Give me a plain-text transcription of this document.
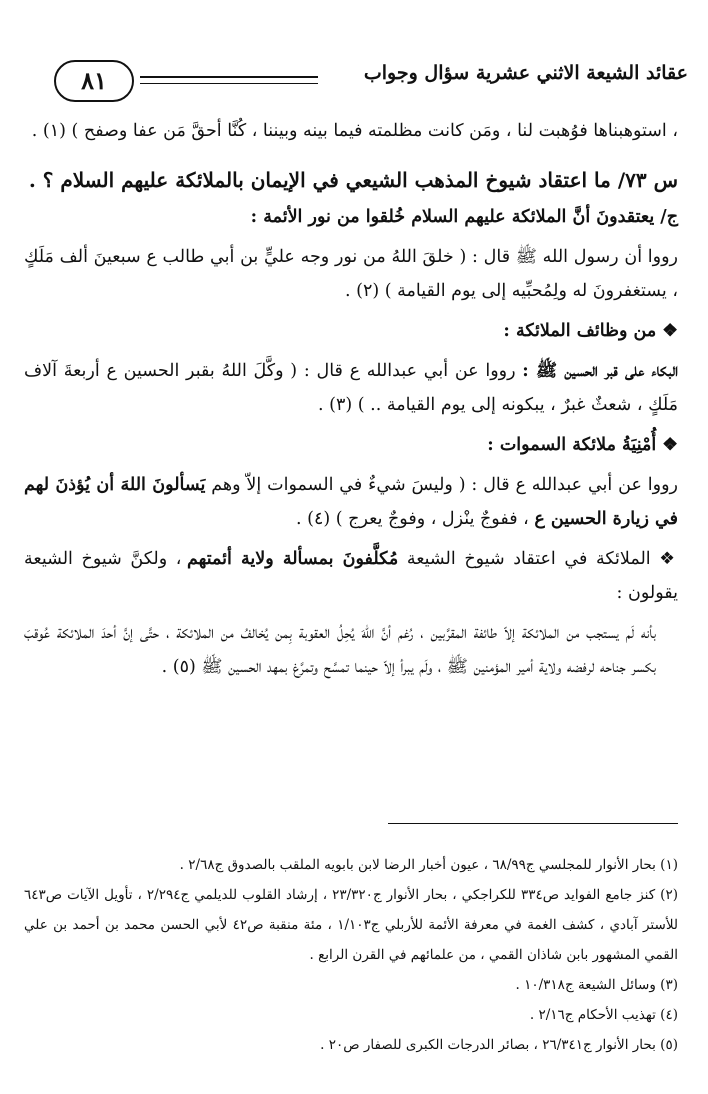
٨١	عقائد الشيعة الاثني عشرية سؤال وجواب

، استوهبناها فوُهبت لنا ، ومَن كانت مظلمته فيما بينه وبيننا ، كُنَّا أحقَّ مَن عفا وصفح ) (١) .

س ٧٣/ ما اعتقاد شيوخ المذهب الشيعي في الإيمان بالملائكة عليهم السلام ؟ .

ج/ يعتقدونَ أنَّ الملائكة عليهم السلام خُلقوا من نور الأئمة :

رووا أن رسول الله ﷺ قال : ( خلقَ اللهُ من نور وجه عليٍّ بن أبي طالب ع سبعينَ ألف مَلَكٍ ، يستغفرونَ له ولِمُحبِّيه إلى يوم القيامة ) (٢) .

❖ من وظائف الملائكة :

البكاء على قبر الحسين ﷺ : رووا عن أبي عبدالله ع قال : ( وكَّلَ اللهُ بقبر الحسين ع أربعةَ آلاف مَلَكٍ ، شعثٌ غبرٌ ، يبكونه إلى يوم القيامة .. ) (٣) .

❖ أُمْنِيَةُ ملائكة السموات :

رووا عن أبي عبدالله ع قال : ( وليسَ شيءٌ في السموات إلاّ وهم يَسألونَ اللهَ أن يُؤذنَ لهم في زيارة الحسين ع ، ففوجٌ ينْزل ، وفوجٌ يعرج ) (٤) .

❖ الملائكة في اعتقاد شيوخ الشيعة مُكلَّفونَ بمسألة ولاية أئمتهم ، ولكنَّ شيوخ الشيعة يقولون :

بأنه لَم يستجب من الملائكة إلاّ طائفة المقرَّبين ، رُغم أنَّ اللهَ يُحِلُ العقوبة بِمن يُخالفُ من الملائكة ، حتَّى إنَّ أحدَ الملائكة عُوقبَ بكسر جناحه لرفضه ولاية أمير المؤمنين ﷺ ، ولَم يبرأ إلاّ حينما تمسَّح وتمرَّغ بمهد الحسين ﷺ (٥) .

(١) بحار الأنوار للمجلسي ج٦٨/٩٩ ، عيون أخبار الرضا لابن بابويه الملقب بالصدوق ج٢/٦٨ .

(٢) كنز جامع الفوايد ص٣٣٤ للكراجكي ، بحار الأنوار ج٢٣/٣٢٠ ، إرشاد القلوب للديلمي ج٢/٢٩٤ ، تأويل الآيات ص٦٤٣ للأستر آبادي ، كشف الغمة في معرفة الأئمة للأربلي ج١/١٠٣ ، مئة منقبة ص٤٢ لأبي الحسن محمد بن أحمد بن علي القمي المشهور بابن شاذان القمي ، من علمائهم في القرن الرابع .

(٣) وسائل الشيعة ج١٠/٣١٨ .

(٤) تهذيب الأحكام ج٢/١٦ .

(٥) بحار الأنوار ج٢٦/٣٤١ ، بصائر الدرجات الكبرى للصفار ص٢٠ .
